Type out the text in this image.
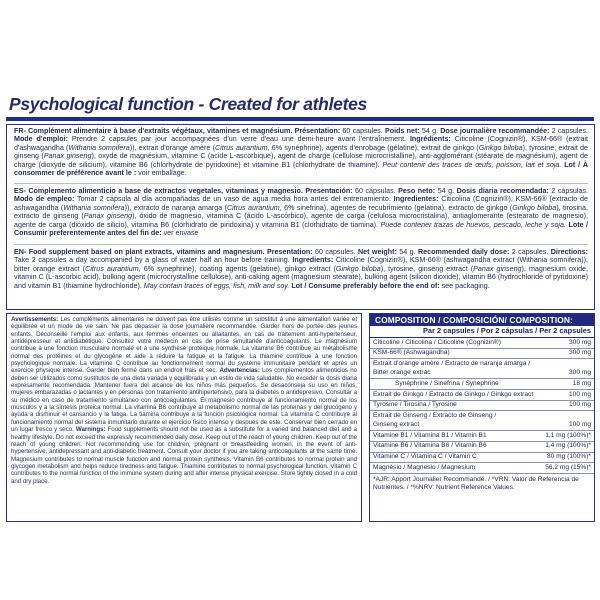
Psychological function - Created for athletes
FR- Complément alimentaire à base d'extraits végétaux, vitamines et magnésium. Présentation: 60 capsules. Poids net: 54 g. Dose journalière recommandée: 2 capsules. Mode d'emploi: Prendre 2 capsules par jour accompagnées d'un verre d'eau une demi-heure avant l'entraînement. Ingrédients: Citicoline (Cognizin®), KSM-66® (extrait d'ashwagandha (Withania somnifera)), extrait d'orange amère (Citrus aurantium, 6% synéphrine), agents d'enrobage (gélatine), extrait de ginkgo (Ginkgo biloba), tyrosine, extrait de ginseng (Panax ginseng), oxyde de magnésium, vitamine C (acide L-ascorbique), agent de charge (cellulose microcristalline), anti-agglomérant (stéarate de magnésium), agent de charge (dioxyde de silicium), vitamine B6 (chlorhydrate de pyridoxine) et vitamine B1 (chlorhydrate de thiamine). Peut contenir des traces de œufs, poisson, lait et soja. Lot / À consommer de préférence avant le : voir emballage.
ES- Complemento alimenticio a base de extractos vegetales, vitaminas y magnesio. Presentación: 60 cápsulas. Peso neto: 54 g. Dosis diaria recomendada: 2 cápsulas. Modo de empleo: Tomar 2 cápsula al día acompañadas de un vaso de agua media hora antes del entrenamiento. Ingredientes: Citicolina (Cognizin®), KSM-66® (extracto de ashwagandha (Withania somnifera)), extracto de naranja amarga (Citrus aurantium, 6% sinefrina), agentes de recubrimiento (gelatina), extracto de ginkgo (Ginkgo biloba), tirosina, extracto de ginseng (Panax ginseng), óxido de magnesio, vitamina C (ácido L-ascórbico), agente de carga (celulosa microcristalina), antiaglomerante (estearato de magnesio), agente de carga (dióxido de silicio), vitamina B6 (clorhidrato de piridoxina) y vitamina B1 (clorhidrato de tiamina). Puede contener trazas de huevos, pescado, leche y soja. Lote / Consumir preferentemente antes del fin de: ver envase
EN- Food supplement based on plant extracts, vitamins and magnesium. Presentation: 60 capsules. Net weight: 54 g. Recommended daily dose: 2 capsules. Directions: Take 2 capsules a day accompanied by a glass of water half an hour before training. Ingredients: Citicoline (Cognizin®), KSM-66® (ashwagandha extract (Withania somnifera)), bitter orange extract (Citrus aurantium, 6% synephrine), coating agents (gelatine), ginkgo extract (Ginkgo biloba), tyrosine, ginseng extract (Panax ginseng), magnesium oxide, vitamin C (L-ascorbic acid), bulking agent (microcrystalline cellulose), anti-caking agent (magnesium stearate), bulking agent (silicon dioxide), vitamin B6 (hydrochloride of pyridoxine) and vitamin B1 (thiamine hydrochloride). May contain traces of eggs, fish, milk and soy. Lot / Consume preferably before the end of: see packaging.
Avertissements: Les compléments alimentaires ne doivent pas être utilisés comme un substitut à une alimentation variée et équilibrée et un mode de vie sain. Ne pas dépasser la dose journalière recommandée. Garder hors de portée des jeunes enfants. Déconseillé l'emploi aux enfants, aux femmes enceintes ou allaitantes, en cas de traitement anti-hypertenseur, antidépresseur et antidiabétique. Consultez votre médecin en cas de prise simultanée d'anticoagulants. Le magnésium contribue à une fonction musculaire normale et à une synthèse protéique normale. La vitamine B6 contribue au métabolisme normal des protéines et du glycogène et aide à réduire la fatigue et la fatigue. La thiamine contribue à une fonction psychologique normale. La vitamine C contribue au fonctionnement normal du système immunitaire pendant et après un exercice physique intense. Garder bien fermé dans un endroit frais et sec. Advertencias: Los complementos alimenticios no deben ser utilizados como sustitutos de una dieta variada y equilibrada y un estilo de vida saludable. No exceder la dosis diaria expresamente recomendada. Mantener fuera del alcance de los niños más pequeños. Se desaconseja su uso en niños, mujeres embarazadas o lactantes y en personas con tratamiento antihipertensivo, para la diabetes o antidepresivo. Consultar a su médico en caso de tratamiento simultáneo con anticoagulantes. El magnesio contribuye al funcionamiento normal de los músculos y a la síntesis proteica normal. La vitamina B6 contribuye al metabolismo normal de las proteínas y del glucógeno y ayuda a disminuir el cansancio y la fatiga. La tiamina contribuye a la función psicológica normal. La vitamina C contribuye al funcionamiento normal del sistema inmunitario durante el ejercicio físico intenso y después de este. Conservar bien cerrado en un lugar fresco y seco. Warnings: Food supplements should not be used as a substitute for a varied and balanced diet and a healthy lifestyle. Do not exceed the expressly recommended daily dose. Keep out of the reach of young children. Keep out of the reach of young children. Not recommending use for children, pregnant or breastfeeding women, in the event of anti-hypertensive, antidepressant and anti-diabetic treatment. Consult your doctor if you are taking anticoagulants at the same time. Magnesium contributes to normal muscle function and normal protein synthesis. Vitamin B6 contributes to normal protein and glycogen metabolism and helps reduce tiredness and fatigue. Thiamine contributes to normal psychological function. Vitamin C contributes to the normal function of the immune system during and after intense physical exercise. Store tightly closed in a cold and dry place.
COMPOSITION / COMPOSICIÓN/ COMPOSITION:
Par 2 capsules / Por 2 cápsulas / Per 2 capsules	
Citicoline / Citicolina / Citicoline (Cognizin®)	300 mg
KSM-66® (Ashwagandha)	300 mg
Extrait d'orange amère / Extracto de naranja amarga /	
Bitter orange extrac	300 mg
Synéphrine / Sinefrina / Synephrine	18 mg
Extrait de Ginkgo / Extracto de Ginkgo / Ginkgo extract	100 mg
Tyrosine / Tirosina / Tyrosine	100 mg
Extrait de Ginseng / Extracto de Ginseng /	
Ginseng extract	100 mg
Vitamine B1 / Vitamina B1 / Vitamin B1	1,1 mg (100%)*
Vitamine B6 / Vitamina B6 / Vitamin B6	1,4 mg (100%)*
Vitamine C / Vitamina C / Vitamin C	80 mg (100%)*
Magnésio / Magnesio / Magnesium	56,2 mg (15%)*
*AJR: Apport Journalier Recommandé. / *VRN: Valor de Referencia de Nutrientes. / *%NRV: Nutrient Reference Values.
